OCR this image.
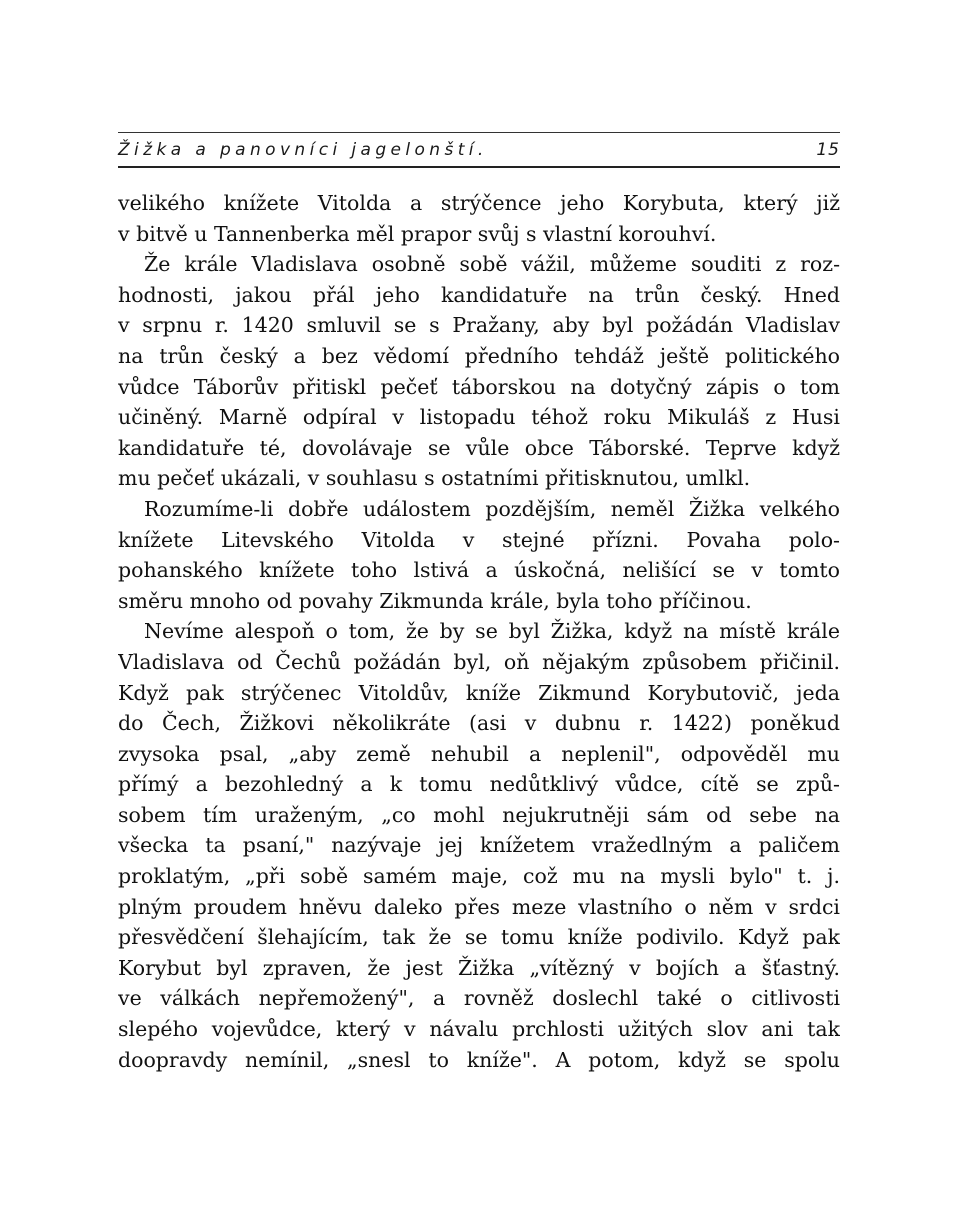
Žižka a panovníci jagelonští.	15
velikého knížete Vitolda a strýčence jeho Korybuta, který již
v bitvě u Tannenberka měl prapor svůj s vlastní korouhví.
Že krále Vladislava osobně sobě vážil, můžeme souditi z roz-
hodnosti, jakou přál jeho kandidatuře na trůn český. Hned
v srpnu r. 1420 smluvil se s Pražany, aby byl požádán Vladislav
na trůn český a bez vědomí předního tehdáž ještě politického
vůdce Táborův přitiskl pečeť táborskou na dotyčný zápis o tom
učiněný. Marně odpíral v listopadu téhož roku Mikuláš z Husi
kandidatuře té, dovolávaje se vůle obce Táborské. Teprve když
mu pečeť ukázali, v souhlasu s ostatními přitisknutou, umlkl.
Rozumíme-li dobře událostem pozdějším, neměl Žižka velkého
knížete Litevského Vitolda v stejné přízni. Povaha polo-
pohanského knížete toho lstivá a úskočná, nelišící se v tomto
směru mnoho od povahy Zikmunda krále, byla toho příčinou.
Nevíme alespoň o tom, že by se byl Žižka, když na místě krále
Vladislava od Čechů požádán byl, oň nějakým způsobem přičinil.
Když pak strýčenec Vitoldův, kníže Zikmund Korybutovič, jeda
do Čech, Žižkovi několikráte (asi v dubnu r. 1422) poněkud
zvysoka psal, „aby země nehubil a neplenil", odpověděl mu
přímý a bezohledný a k tomu nedůtklivý vůdce, cítě se způ-
sobem tím uraženým, „co mohl nejukrutněji sám od sebe na
všecka ta psaní," nazývaje jej knížetem vražedlným a paličem
proklatým, „při sobě samém maje, což mu na mysli bylo" t. j.
plným proudem hněvu daleko přes meze vlastního o něm v srdci
přesvědčení šlehajícím, tak že se tomu kníže podivilo. Když pak
Korybut byl zpraven, že jest Žižka „vítězný v bojích a šťastný.
ve válkách nepřemožený", a rovněž doslechl také o citlivosti
slepého vojevůdce, který v návalu prchlosti užitých slov ani tak
doopravdy nemínil, „snesl to kníže". A potom, když se spolu
